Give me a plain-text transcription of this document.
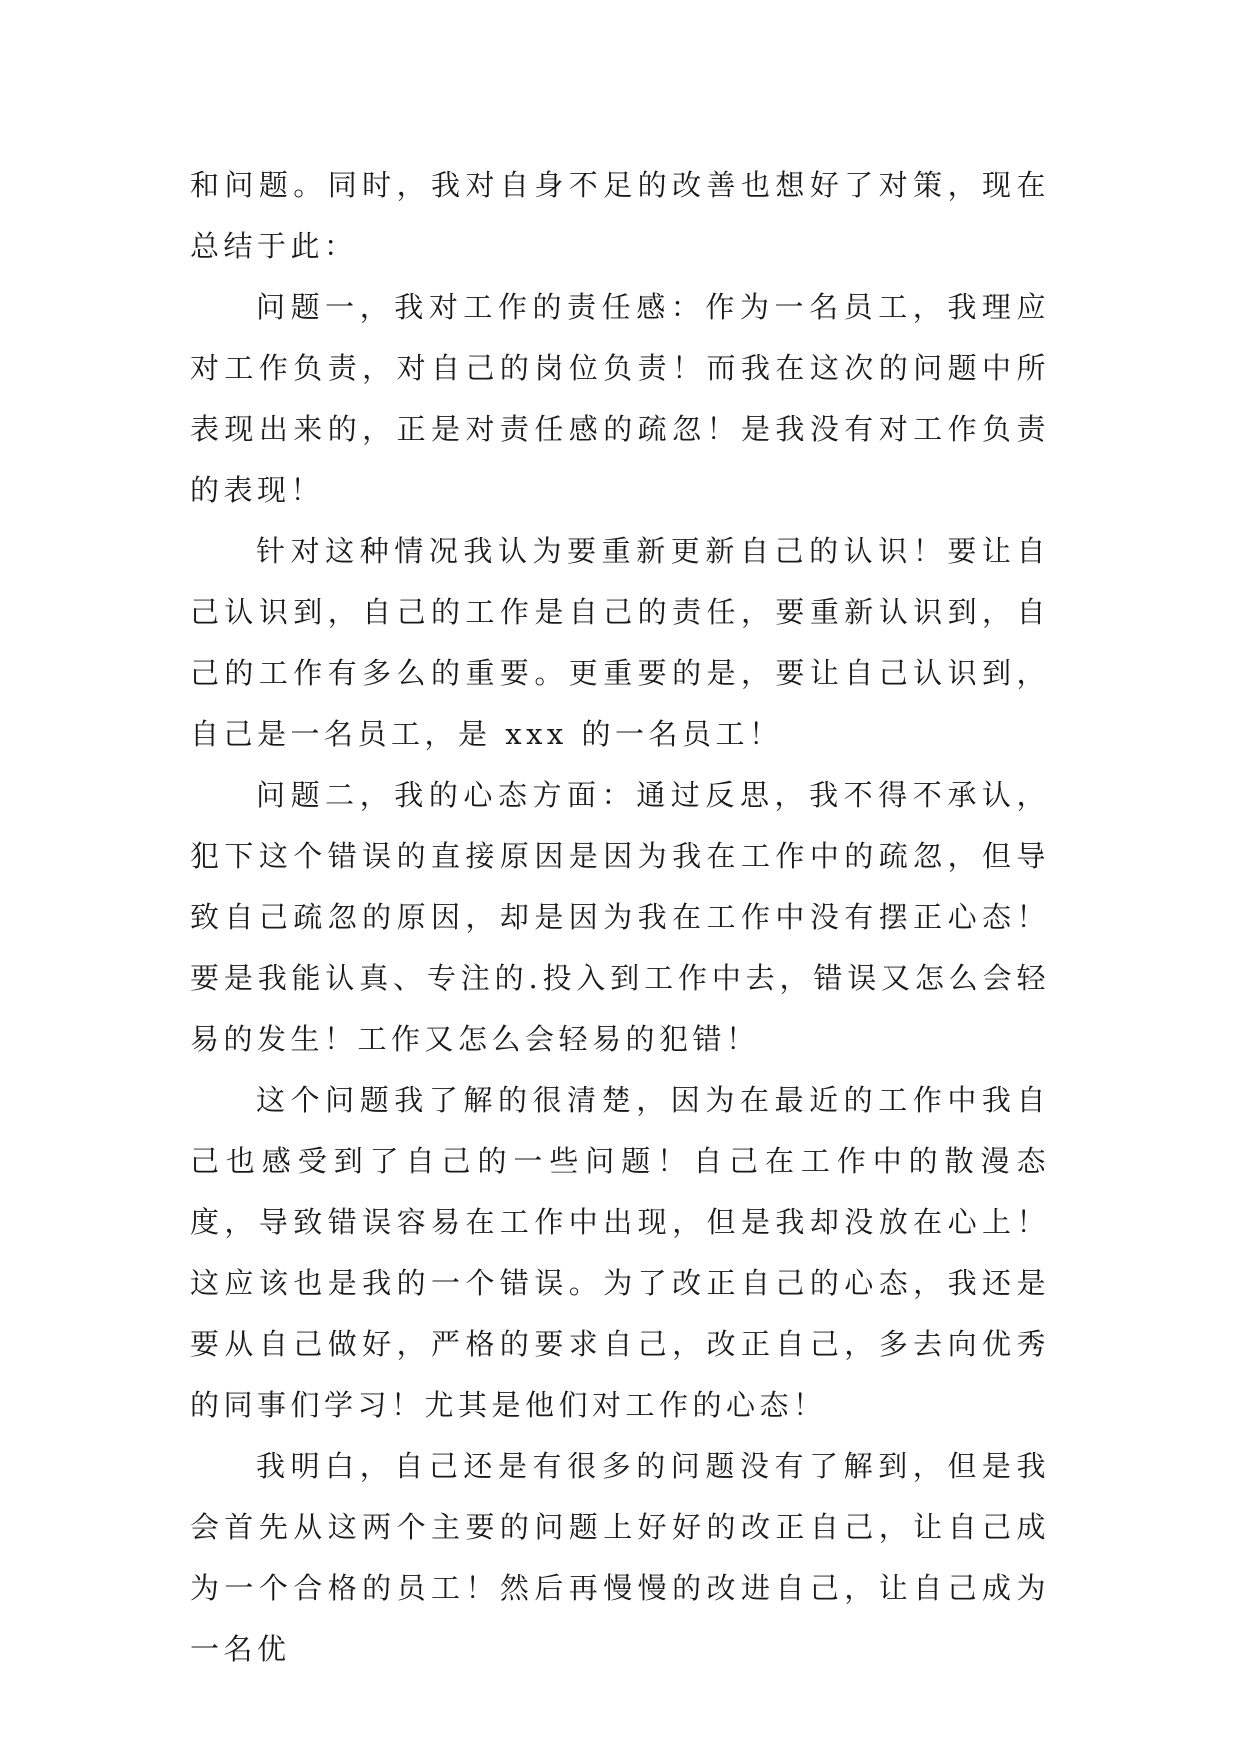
和问题。同时，我对自身不足的改善也想好了对策，现在总结于此：

问题一，我对工作的责任感：作为一名员工，我理应对工作负责，对自己的岗位负责！而我在这次的问题中所表现出来的，正是对责任感的疏忽！是我没有对工作负责的表现！

针对这种情况我认为要重新更新自己的认识！要让自己认识到，自己的工作是自己的责任，要重新认识到，自己的工作有多么的重要。更重要的是，要让自己认识到，自己是一名员工，是 xxx 的一名员工！

问题二，我的心态方面：通过反思，我不得不承认，犯下这个错误的直接原因是因为我在工作中的疏忽，但导致自己疏忽的原因，却是因为我在工作中没有摆正心态！要是我能认真、专注的.投入到工作中去，错误又怎么会轻易的发生！工作又怎么会轻易的犯错！

这个问题我了解的很清楚，因为在最近的工作中我自己也感受到了自己的一些问题！自己在工作中的散漫态度，导致错误容易在工作中出现，但是我却没放在心上！这应该也是我的一个错误。为了改正自己的心态，我还是要从自己做好，严格的要求自己，改正自己，多去向优秀的同事们学习！尤其是他们对工作的心态！

我明白，自己还是有很多的问题没有了解到，但是我会首先从这两个主要的问题上好好的改正自己，让自己成为一个合格的员工！然后再慢慢的改进自己，让自己成为一名优
